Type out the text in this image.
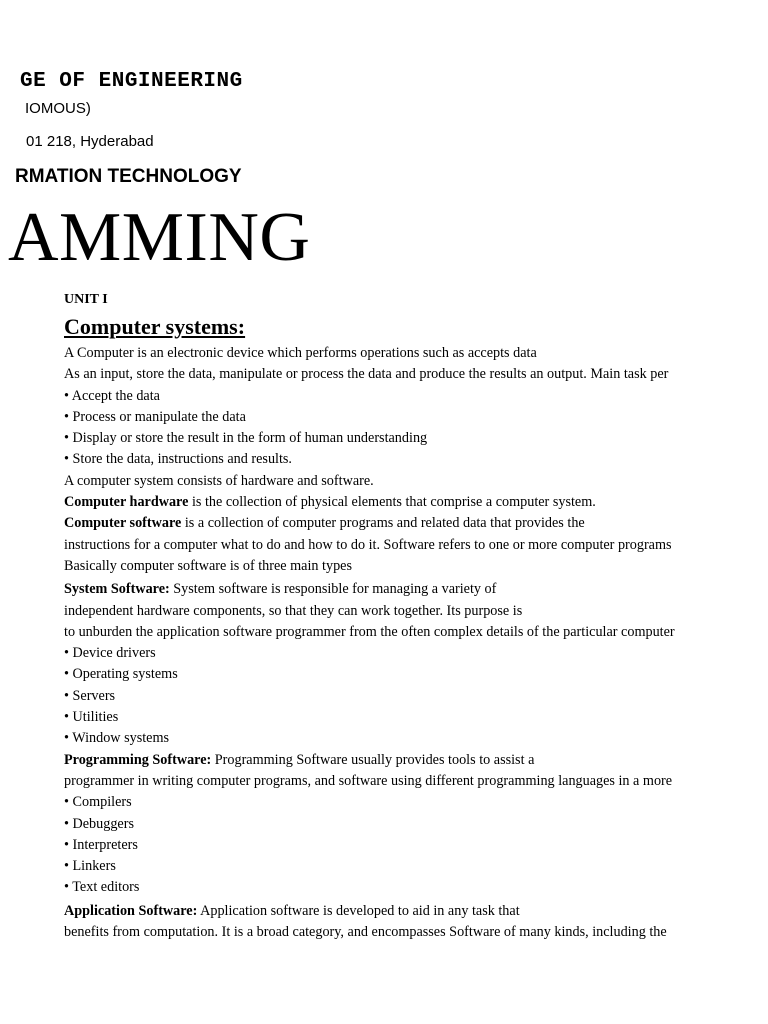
GE OF ENGINEERING
IOMOUS)
01 218, Hyderabad
RMATION TECHNOLOGY
AMMING

UNIT I

Computer systems:

A Computer is an electronic device which performs operations such as accepts data

As an input, store the data, manipulate or process the data and produce the results an output. Main task per

• Accept the data

• Process or manipulate the data

• Display or store the result in the form of human understanding

• Store the data, instructions and results.

A computer system consists of hardware and software.

Computer hardware is the collection of physical elements that comprise a computer system.

Computer software is a collection of computer programs and related data that provides the

instructions for a computer what to do and how to do it. Software refers to one or more computer programs

Basically computer software is of three main types

System Software: System software is responsible for managing a variety of

independent hardware components, so that they can work together. Its purpose is

to unburden the application software programmer from the often complex details of the particular computer

• Device drivers

• Operating systems

• Servers

• Utilities

• Window systems

Programming Software: Programming Software usually provides tools to assist a

programmer in writing computer programs, and software using different programming languages in a more

• Compilers

• Debuggers

• Interpreters

• Linkers

• Text editors

Application Software: Application software is developed to aid in any task that

benefits from computation. It is a broad category, and encompasses Software of many kinds, including the
